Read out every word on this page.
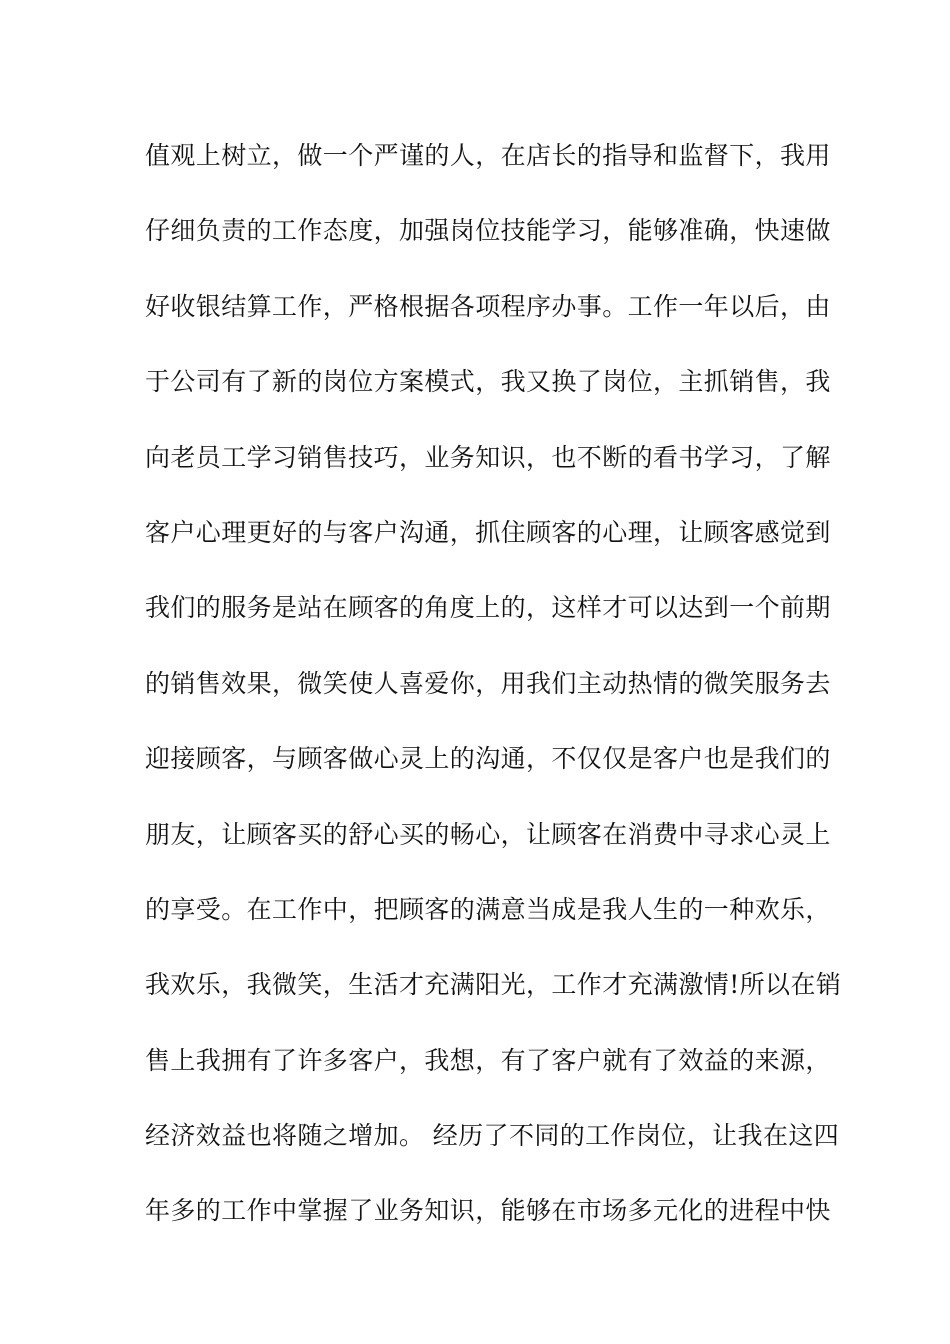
值观上树立，做一个严谨的人，在店长的指导和监督下，我用
仔细负责的工作态度，加强岗位技能学习，能够准确，快速做
好收银结算工作，严格根据各项程序办事。工作一年以后，由
于公司有了新的岗位方案模式，我又换了岗位，主抓销售，我
向老员工学习销售技巧，业务知识，也不断的看书学习，了解
客户心理更好的与客户沟通，抓住顾客的心理，让顾客感觉到
我们的服务是站在顾客的角度上的，这样才可以达到一个前期
的销售效果，微笑使人喜爱你，用我们主动热情的微笑服务去
迎接顾客，与顾客做心灵上的沟通，不仅仅是客户也是我们的
朋友，让顾客买的舒心买的畅心，让顾客在消费中寻求心灵上
的享受。在工作中，把顾客的满意当成是我人生的一种欢乐，
我欢乐，我微笑，生活才充满阳光，工作才充满激情!所以在销
售上我拥有了许多客户，我想，有了客户就有了效益的来源，
经济效益也将随之增加。 经历了不同的工作岗位，让我在这四
年多的工作中掌握了业务知识，能够在市场多元化的进程中快
